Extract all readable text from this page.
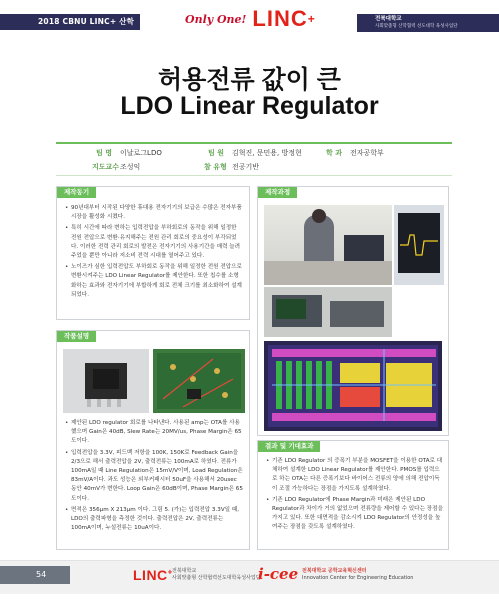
2018 CBNU LINC+ 산학협력 페스티벌
Only One! LINC+	전북대학교
사회맞춤형 산학협력 선도대학 육성사업단
허용전류 값이 큰
LDO Linear Regulator
팀 명 이날로그LDO	팀 원 김혁진, 문민용, 방정현	학 과 전자공학부
지도교수 조성익	참 유형 전공기반
제작동기

• 90년대부터 시작된 다양한 휴대용 전자기기의 보급은 수많은 전자부품 시장을 활성화 시켰다.

• 특히 시간에 따라 변하는 입력전압을 부하회로의 동작을 위해 일정한 전원 전압으로 변환·유지해주는 전원 관리 회로의 중요성이 부각되었다. 이러한 전력 관리 회로의 발전은 전자기기의 사용기간을 매력 늘려주었을 뿐만 아니라 저소비 전력 시대를 열어주고 있다.

• 노이즈가 심한 입력전압도 부하회로 동작을 위해 일정한 전원 전압으로 변환시켜주는 LDO Linear Regulator를 제안한다. 또한 칩수를 소형화하는 효과와 전자기기에 부합하게 회로 전체 크기를 최소화하여 설계되었다.

제작과정
작품설명

• 제안된 LDO regulator 회로를 나타낸다. 사용된 amp는 OTA를 사용했으며 Gain은 40dB, Slew Rate는 20MV/us, Phase Margin은 65도이다.

• 입력전압을 3.3V, 피드백 저항을 100K, 150K로 Feedback Gain을 2/3으로 해서 출력전압을 2V, 출력전류는 100mA로 하였다. 전류가 100mA일 때 Line Regulation은 15mV/V이며, Load Regulation은 83mV/A이다. 과도 성능은 외부커패시터 50uF을 사용해서 20usec 동안 40mV가 변한다. Loop Gain은 60dB이며, Phase Margin은 65도이다.

• 면적은 356μm X 213μm 이다. 그림 5. (가)는 입력전압 3.3V일 때, LDO의 출력파형을 측정한 것이다. 출력전압은 2V, 출력전류는 100mA이며, 누설전류는 10uA이다.

결과 및 기대효과

• 기존 LDO Regulator 의 증폭기 부분을 MOSFET을 이용한 OTA로 대체하여 설계한 LDO Linear Regulator를 제안한다. PMOS를 입력으로 하는 OTA는 다른 증폭기보다 바이어스 전류의 양에 의해 전압이득이 조절 가능하다는 장점을 가지도록 설계하였다.

• 기존 LDO Regulator에 Phase Margin과 미래은 제안된 LDO Regulator과 차이가 거의 없었으며 전류량을 제어할 수 있다는 장점을 가지고 있다. 또한 대면적을 감소시켜 LDO Regulator의 안정성을 높여주는 장점을 갖도록 설계하였다.

54	LINC+ 전북대학교
사회맞춤형 산학협력선도대학육성사업단
i-cee 전북대학교 공학교육혁신센터
Innovation Center for Engineering Education
